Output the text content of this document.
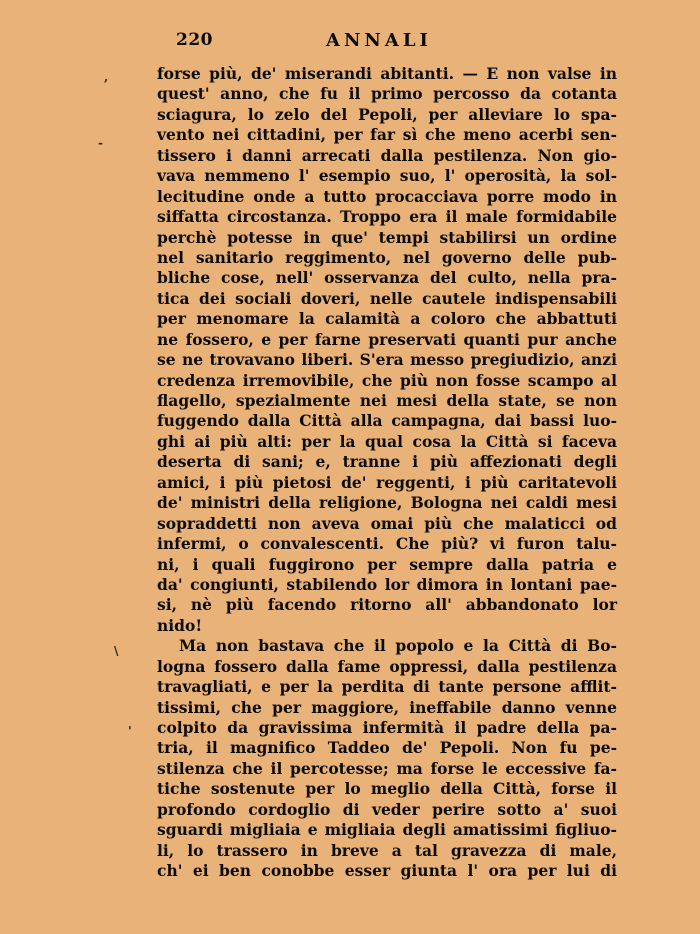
220	ANNALI
,
-
\
'
forse più, de' miserandi abitanti. — E non valse in
quest' anno, che fu il primo percosso da cotanta
sciagura, lo zelo del Pepoli, per alleviare lo spa-
vento nei cittadini, per far sì che meno acerbi sen-
tissero i danni arrecati dalla pestilenza. Non gio-
vava nemmeno l' esempio suo, l' operosità, la sol-
lecitudine onde a tutto procacciava porre modo in
siffatta circostanza. Troppo era il male formidabile
perchè potesse in que' tempi stabilirsi un ordine
nel sanitario reggimento, nel governo delle pub-
bliche cose, nell' osservanza del culto, nella pra-
tica dei sociali doveri, nelle cautele indispensabili
per menomare la calamità a coloro che abbattuti
ne fossero, e per farne preservati quanti pur anche
se ne trovavano liberi. S'era messo pregiudizio, anzi
credenza irremovibile, che più non fosse scampo al
flagello, spezialmente nei mesi della state, se non
fuggendo dalla Città alla campagna, dai bassi luo-
ghi ai più alti: per la qual cosa la Città si faceva
deserta di sani; e, tranne i più affezionati degli
amici, i più pietosi de' reggenti, i più caritatevoli
de' ministri della religione, Bologna nei caldi mesi
sopraddetti non aveva omai più che malaticci od
infermi, o convalescenti. Che più? vi furon talu-
ni, i quali fuggirono per sempre dalla patria e
da' congiunti, stabilendo lor dimora in lontani pae-
si, nè più facendo ritorno all' abbandonato lor
nido!
Ma non bastava che il popolo e la Città di Bo-
logna fossero dalla fame oppressi, dalla pestilenza
travagliati, e per la perdita di tante persone afflit-
tissimi, che per maggiore, ineffabile danno venne
colpito da gravissima infermità il padre della pa-
tria, il magnifico Taddeo de' Pepoli. Non fu pe-
stilenza che il percotesse; ma forse le eccessive fa-
tiche sostenute per lo meglio della Città, forse il
profondo cordoglio di veder perire sotto a' suoi
sguardi migliaia e migliaia degli amatissimi figliuo-
li, lo trassero in breve a tal gravezza di male,
ch' ei ben conobbe esser giunta l' ora per lui di
